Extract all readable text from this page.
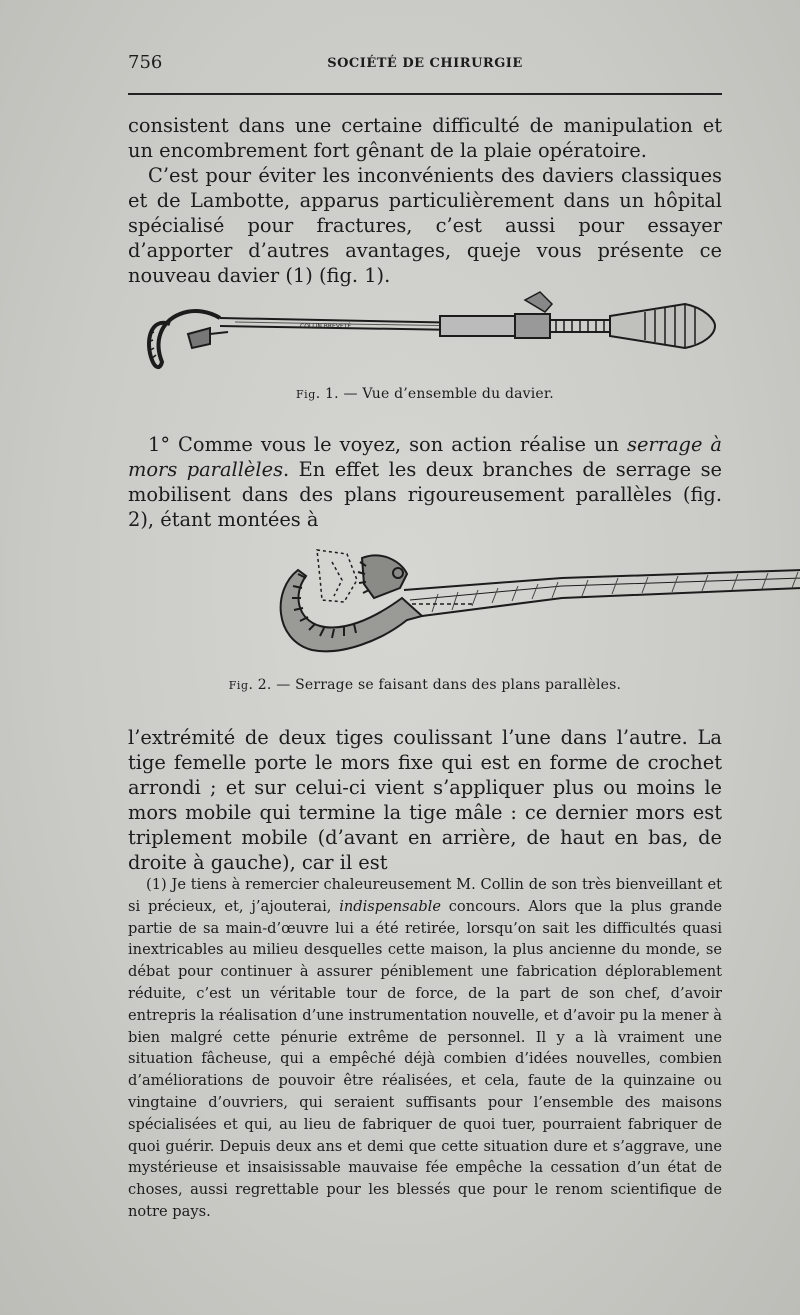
756	SOCIÉTÉ DE CHIRURGIE

consistent dans une certaine difficulté de manipulation et un encombrement fort gênant de la plaie opératoire.

C’est pour éviter les inconvénients des daviers classiques et de Lambotte, apparus particulièrement dans un hôpital spécialisé pour fractures, c’est aussi pour essayer d’apporter d’autres avantages, queje vous présente ce nouveau davier (1) (fig. 1).

COLLIN BREVETÉ
Fig. 1. — Vue d’ensemble du davier.

1° Comme vous le voyez, son action réalise un serrage à mors parallèles. En effet les deux branches de serrage se mobilisent dans des plans rigoureusement parallèles (fig. 2), étant montées à

Fig. 2. — Serrage se faisant dans des plans parallèles.

l’extrémité de deux tiges coulissant l’une dans l’autre. La tige femelle porte le mors fixe qui est en forme de crochet arrondi ; et sur celui-ci vient s’appliquer plus ou moins le mors mobile qui termine la tige mâle : ce dernier mors est triplement mobile (d’avant en arrière, de haut en bas, de droite à gauche), car il est

(1) Je tiens à remercier chaleureusement M. Collin de son très bienveillant et si précieux, et, j’ajouterai, indispensable concours. Alors que la plus grande partie de sa main-d’œuvre lui a été retirée, lorsqu’on sait les difficultés quasi inextricables au milieu desquelles cette maison, la plus ancienne du monde, se débat pour continuer à assurer péniblement une fabrication déplorablement réduite, c’est un véritable tour de force, de la part de son chef, d’avoir entrepris la réalisation d’une instrumentation nouvelle, et d’avoir pu la mener à bien malgré cette pénurie extrême de personnel. Il y a là vraiment une situation fâcheuse, qui a empêché déjà combien d’idées nouvelles, combien d’améliorations de pouvoir être réalisées, et cela, faute de la quinzaine ou vingtaine d’ouvriers, qui seraient suffisants pour l’ensemble des maisons spécialisées et qui, au lieu de fabriquer de quoi tuer, pourraient fabriquer de quoi guérir. Depuis deux ans et demi que cette situation dure et s’aggrave, une mystérieuse et insaisissable mauvaise fée empêche la cessation d’un état de choses, aussi regrettable pour les blessés que pour le renom scientifique de notre pays.
